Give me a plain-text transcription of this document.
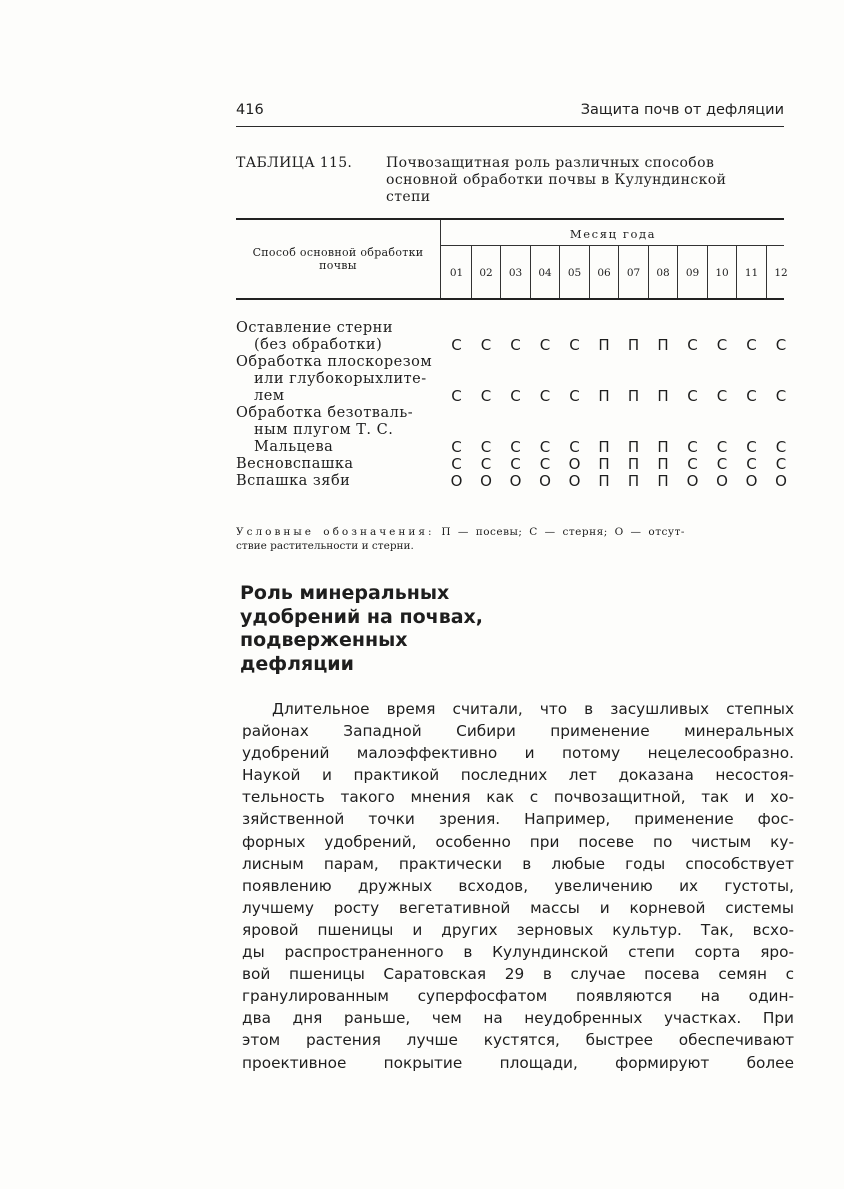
416	Защита почв от дефляции
ТАБЛИЦА 115. Почвозащитная роль различных способов
основной обработки почвы в Кулундинской
степи
Способ основной обработки
почвы
Месяц года
01	02	03	04	05	06	07	08	09	10	11	12
Оставление стерни
(без обработки)	С	С	С	С	С	П	П	П	С	С	С	С
Обработка плоскорезом
или глубокорыхлите-
лем	С	С	С	С	С	П	П	П	С	С	С	С
Обработка безотваль-
ным плугом Т. С.
Мальцева	С	С	С	С	С	П	П	П	С	С	С	С
Весновспашка	С	С	С	С	О	П	П	П	С	С	С	С
Вспашка зяби	О	О	О	О	О	П	П	П	О	О	О	О
Условные обозначения: П — посевы; С — стерня; О — отсут-
ствие растительности и стерни.
Роль минеральных
удобрений на почвах,
подверженных
дефляции
Длительное время считали, что в засушливых степных
районах Западной Сибири применение минеральных
удобрений малоэффективно и потому нецелесообразно.
Наукой и практикой последних лет доказана несостоя-
тельность такого мнения как с почвозащитной, так и хо-
зяйственной точки зрения. Например, применение фос-
форных удобрений, особенно при посеве по чистым ку-
лисным парам, практически в любые годы способствует
появлению дружных всходов, увеличению их густоты,
лучшему росту вегетативной массы и корневой системы
яровой пшеницы и других зерновых культур. Так, всхо-
ды распространенного в Кулундинской степи сорта яро-
вой пшеницы Саратовская 29 в случае посева семян с
гранулированным суперфосфатом появляются на один-
два дня раньше, чем на неудобренных участках. При
этом растения лучше кустятся, быстрее обеспечивают
проективное покрытие площади, формируют более
